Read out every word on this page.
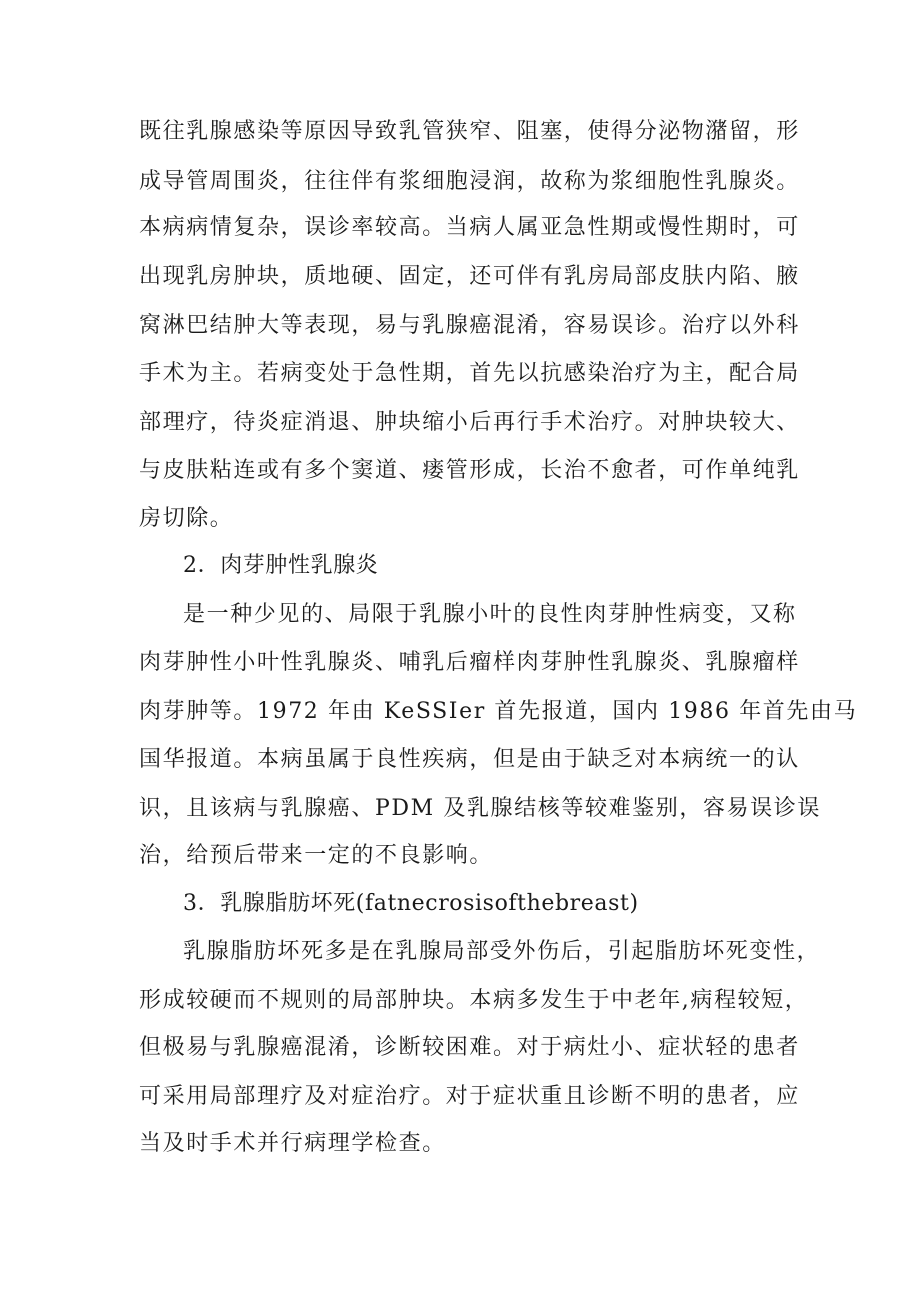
既往乳腺感染等原因导致乳管狭窄、阻塞，使得分泌物潴留，形
成导管周围炎，往往伴有浆细胞浸润，故称为浆细胞性乳腺炎。
本病病情复杂，误诊率较高。当病人属亚急性期或慢性期时，可
出现乳房肿块，质地硬、固定，还可伴有乳房局部皮肤内陷、腋
窝淋巴结肿大等表现，易与乳腺癌混淆，容易误诊。治疗以外科
手术为主。若病变处于急性期，首先以抗感染治疗为主，配合局
部理疗，待炎症消退、肿块缩小后再行手术治疗。对肿块较大、
与皮肤粘连或有多个窦道、瘘管形成，长治不愈者，可作单纯乳
房切除。
2．肉芽肿性乳腺炎
是一种少见的、局限于乳腺小叶的良性肉芽肿性病变，又称
肉芽肿性小叶性乳腺炎、哺乳后瘤样肉芽肿性乳腺炎、乳腺瘤样
肉芽肿等。1972 年由 KeSSIer 首先报道，国内 1986 年首先由马
国华报道。本病虽属于良性疾病，但是由于缺乏对本病统一的认
识，且该病与乳腺癌、PDM 及乳腺结核等较难鉴别，容易误诊误
治，给预后带来一定的不良影响。
3．乳腺脂肪坏死(fatnecrosisofthebreast)
乳腺脂肪坏死多是在乳腺局部受外伤后，引起脂肪坏死变性，
形成较硬而不规则的局部肿块。本病多发生于中老年,病程较短，
但极易与乳腺癌混淆，诊断较困难。对于病灶小、症状轻的患者
可采用局部理疗及对症治疗。对于症状重且诊断不明的患者，应
当及时手术并行病理学检查。
